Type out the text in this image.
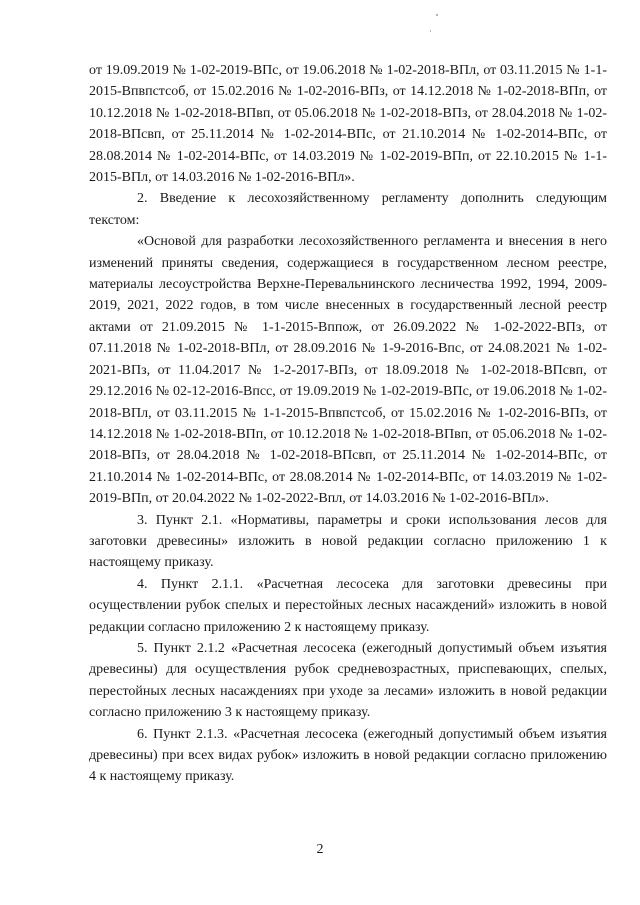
от 19.09.2019 № 1-02-2019-ВПс, от 19.06.2018 № 1-02-2018-ВПл, от 03.11.2015 № 1-1-2015-Впвпстсоб, от 15.02.2016 № 1-02-2016-ВПз, от 14.12.2018 № 1-02-2018-ВПп, от 10.12.2018 № 1-02-2018-ВПвп, от 05.06.2018 № 1-02-2018-ВПз, от 28.04.2018 № 1-02-2018-ВПсвп, от 25.11.2014 № 1-02-2014-ВПс, от 21.10.2014 № 1-02-2014-ВПс, от 28.08.2014 № 1-02-2014-ВПс, от 14.03.2019 № 1-02-2019-ВПп, от 22.10.2015 № 1-1-2015-ВПл, от 14.03.2016 № 1-02-2016-ВПл».

2. Введение к лесохозяйственному регламенту дополнить следующим текстом:

«Основой для разработки лесохозяйственного регламента и внесения в него изменений приняты сведения, содержащиеся в государственном лесном реестре, материалы лесоустройства Верхне-Перевальнинского лесничества 1992, 1994, 2009-2019, 2021, 2022 годов, в том числе внесенных в государственный лесной реестр актами от 21.09.2015 № 1-1-2015-Вппож, от 26.09.2022 № 1-02-2022-ВПз, от 07.11.2018 № 1-02-2018-ВПл, от 28.09.2016 № 1-9-2016-Впс, от 24.08.2021 № 1-02-2021-ВПз, от 11.04.2017 № 1-2-2017-ВПз, от 18.09.2018 № 1-02-2018-ВПсвп, от 29.12.2016 № 02-12-2016-Впсс, от 19.09.2019 № 1-02-2019-ВПс, от 19.06.2018 № 1-02-2018-ВПл, от 03.11.2015 № 1-1-2015-Впвпстсоб, от 15.02.2016 № 1-02-2016-ВПз, от 14.12.2018 № 1-02-2018-ВПп, от 10.12.2018 № 1-02-2018-ВПвп, от 05.06.2018 № 1-02-2018-ВПз, от 28.04.2018 № 1-02-2018-ВПсвп, от 25.11.2014 № 1-02-2014-ВПс, от 21.10.2014 № 1-02-2014-ВПс, от 28.08.2014 № 1-02-2014-ВПс, от 14.03.2019 № 1-02-2019-ВПп, от 20.04.2022 № 1-02-2022-Впл, от 14.03.2016 № 1-02-2016-ВПл».

3. Пункт 2.1. «Нормативы, параметры и сроки использования лесов для заготовки древесины» изложить в новой редакции согласно приложению 1 к настоящему приказу.

4. Пункт 2.1.1. «Расчетная лесосека для заготовки древесины при осуществлении рубок спелых и перестойных лесных насаждений» изложить в новой редакции согласно приложению 2 к настоящему приказу.

5. Пункт 2.1.2 «Расчетная лесосека (ежегодный допустимый объем изъятия древесины) для осуществления рубок средневозрастных, приспевающих, спелых, перестойных лесных насаждениях при уходе за лесами» изложить в новой редакции согласно приложению 3 к настоящему приказу.

6. Пункт 2.1.3. «Расчетная лесосека (ежегодный допустимый объем изъятия древесины) при всех видах рубок» изложить в новой редакции согласно приложению 4 к настоящему приказу.

2
